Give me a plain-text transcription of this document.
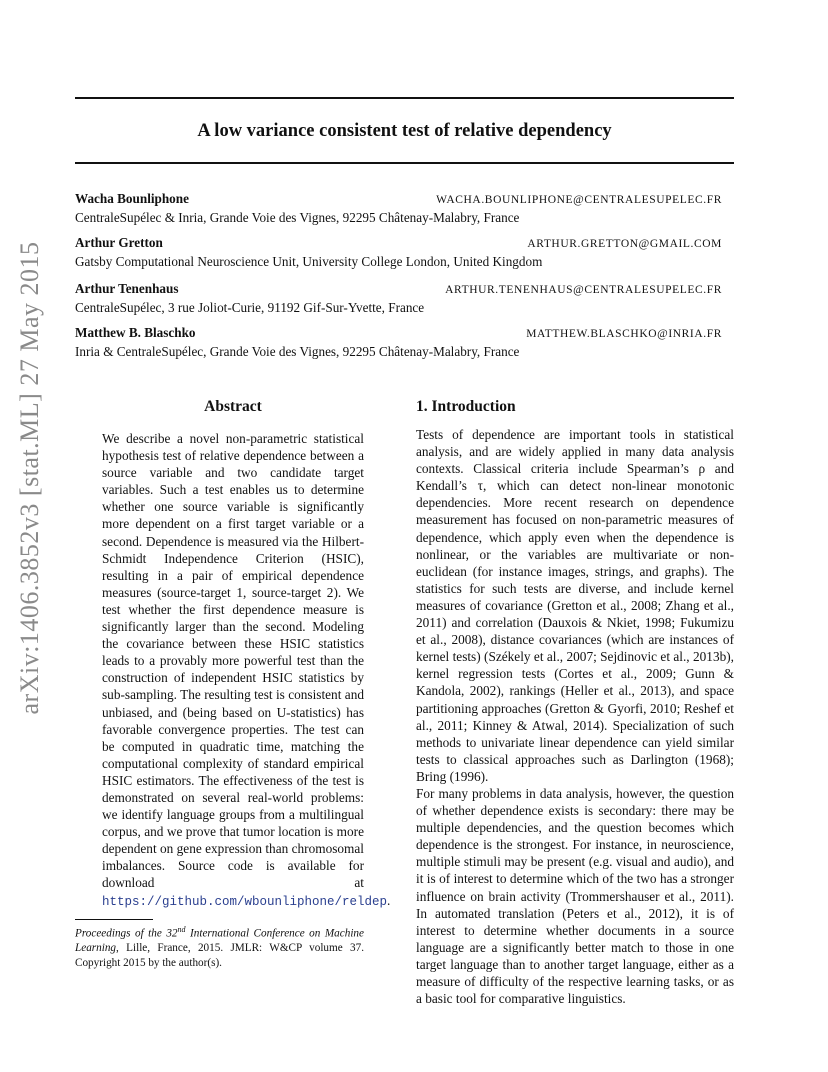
arXiv:1406.3852v3 [stat.ML] 27 May 2015
A low variance consistent test of relative dependency
Wacha Bounliphone	WACHA.BOUNLIPHONE@CENTRALESUPELEC.FR
CentraleSupélec & Inria, Grande Voie des Vignes, 92295 Châtenay-Malabry, France
Arthur Gretton	ARTHUR.GRETTON@GMAIL.COM
Gatsby Computational Neuroscience Unit, University College London, United Kingdom
Arthur Tenenhaus	ARTHUR.TENENHAUS@CENTRALESUPELEC.FR
CentraleSupélec, 3 rue Joliot-Curie, 91192 Gif-Sur-Yvette, France
Matthew B. Blaschko	MATTHEW.BLASCHKO@INRIA.FR
Inria & CentraleSupélec, Grande Voie des Vignes, 92295 Châtenay-Malabry, France
Abstract
We describe a novel non-parametric statistical hypothesis test of relative dependence between a source variable and two candidate target variables. Such a test enables us to determine whether one source variable is significantly more dependent on a first target variable or a second. Dependence is measured via the Hilbert-Schmidt Independence Criterion (HSIC), resulting in a pair of empirical dependence measures (source-target 1, source-target 2). We test whether the first dependence measure is significantly larger than the second. Modeling the covariance between these HSIC statistics leads to a provably more powerful test than the construction of independent HSIC statistics by sub-sampling. The resulting test is consistent and unbiased, and (being based on U-statistics) has favorable convergence properties. The test can be computed in quadratic time, matching the computational complexity of standard empirical HSIC estimators. The effectiveness of the test is demonstrated on several real-world problems: we identify language groups from a multilingual corpus, and we prove that tumor location is more dependent on gene expression than chromosomal imbalances. Source code is available for download at https://github.com/wbounliphone/reldep.
1. Introduction
Tests of dependence are important tools in statistical analysis, and are widely applied in many data analysis contexts. Classical criteria include Spearman’s ρ and Kendall’s τ, which can detect non-linear monotonic dependencies. More recent research on dependence measurement has focused on non-parametric measures of dependence, which apply even when the dependence is nonlinear, or the variables are multivariate or non-euclidean (for instance images, strings, and graphs). The statistics for such tests are diverse, and include kernel measures of covariance (Gretton et al., 2008; Zhang et al., 2011) and correlation (Dauxois & Nkiet, 1998; Fukumizu et al., 2008), distance covariances (which are instances of kernel tests) (Székely et al., 2007; Sejdinovic et al., 2013b), kernel regression tests (Cortes et al., 2009; Gunn & Kandola, 2002), rankings (Heller et al., 2013), and space partitioning approaches (Gretton & Gyorfi, 2010; Reshef et al., 2011; Kinney & Atwal, 2014). Specialization of such methods to univariate linear dependence can yield similar tests to classical approaches such as Darlington (1968); Bring (1996).
For many problems in data analysis, however, the question of whether dependence exists is secondary: there may be multiple dependencies, and the question becomes which dependence is the strongest. For instance, in neuroscience, multiple stimuli may be present (e.g. visual and audio), and it is of interest to determine which of the two has a stronger influence on brain activity (Trommershauser et al., 2011). In automated translation (Peters et al., 2012), it is of interest to determine whether documents in a source language are a significantly better match to those in one target language than to another target language, either as a measure of difficulty of the respective learning tasks, or as a basic tool for comparative linguistics.
Proceedings of the 32nd International Conference on Machine Learning, Lille, France, 2015. JMLR: W&CP volume 37. Copyright 2015 by the author(s).
